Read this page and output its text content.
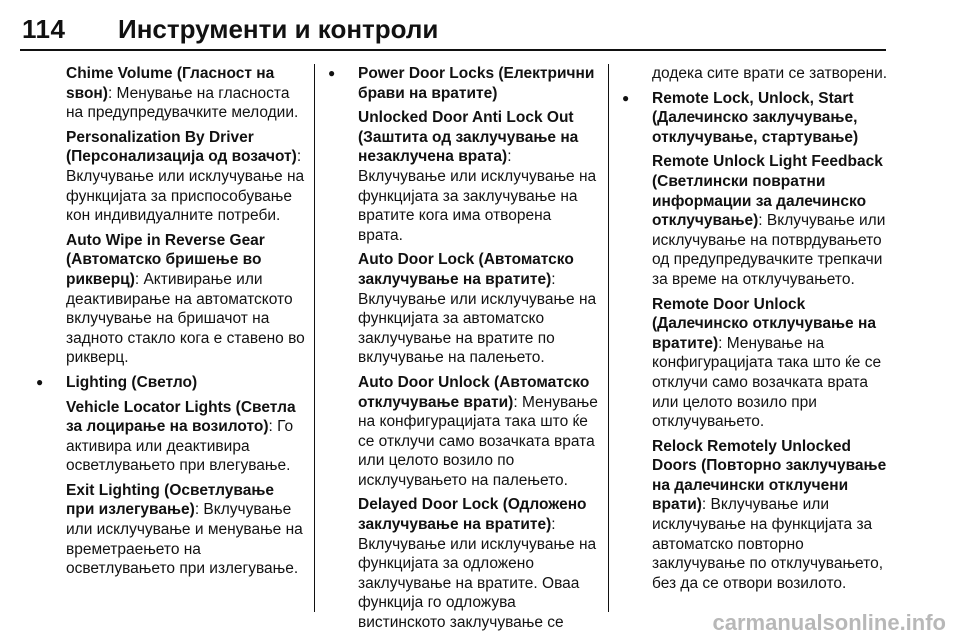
114 Инструменти и контроли

Chime Volume (Гласност на ѕвон): Менување на гласноста на предупредувачките мелодии.

Personalization By Driver (Персонализација од возачот): Вклучување или исклучување на функцијата за приспособување кон индивидуалните потреби.

Auto Wipe in Reverse Gear (Автоматско бришење во рикверц): Активирање или деактивирање на автоматското вклучување на бришачот на задното стакло кога е ставено во рикверц.

● Lighting (Светло)

Vehicle Locator Lights (Светла за лоцирање на возилото): Го активира или деактивира осветлувањето при влегување.

Exit Lighting (Осветлување при излегување): Вклучување или исклучување и менување на времетраењето на осветлувањето при излегување.

● Power Door Locks (Електрични брави на вратите)

Unlocked Door Anti Lock Out (Заштита од заклучување на незаклучена врата): Вклучување или исклучување на функцијата за заклучување на вратите кога има отворена врата.

Auto Door Lock (Автоматско заклучување на вратите): Вклучување или исклучување на функцијата за автоматско заклучување на вратите по вклучување на палењето.

Auto Door Unlock (Автоматско отклучување врати): Менување на конфигурацијата така што ќе се отклучи само возачката врата или целото возило по исклучувањето на палењето.

Delayed Door Lock (Одложено заклучување на вратите): Вклучување или исклучување на функцијата за одложено заклучување на вратите. Оваа функција го одложува вистинското заклучување се

додека сите врати се затворени.

● Remote Lock, Unlock, Start (Далечинско заклучување, отклучување, стартување)

Remote Unlock Light Feedback (Светлински повратни информации за далечинско отклучување): Вклучување или исклучување на потврдувањето од предупредувачките трепкачи за време на отклучувањето.

Remote Door Unlock (Далечинско отклучување на вратите): Менување на конфигурацијата така што ќе се отклучи само возачката врата или целото возило при отклучувањето.

Relock Remotely Unlocked Doors (Повторно заклучување на далечински отклучени врати): Вклучување или исклучување на функцијата за автоматско повторно заклучување по отклучувањето, без да се отвори возилото.

carmanualsonline.info
